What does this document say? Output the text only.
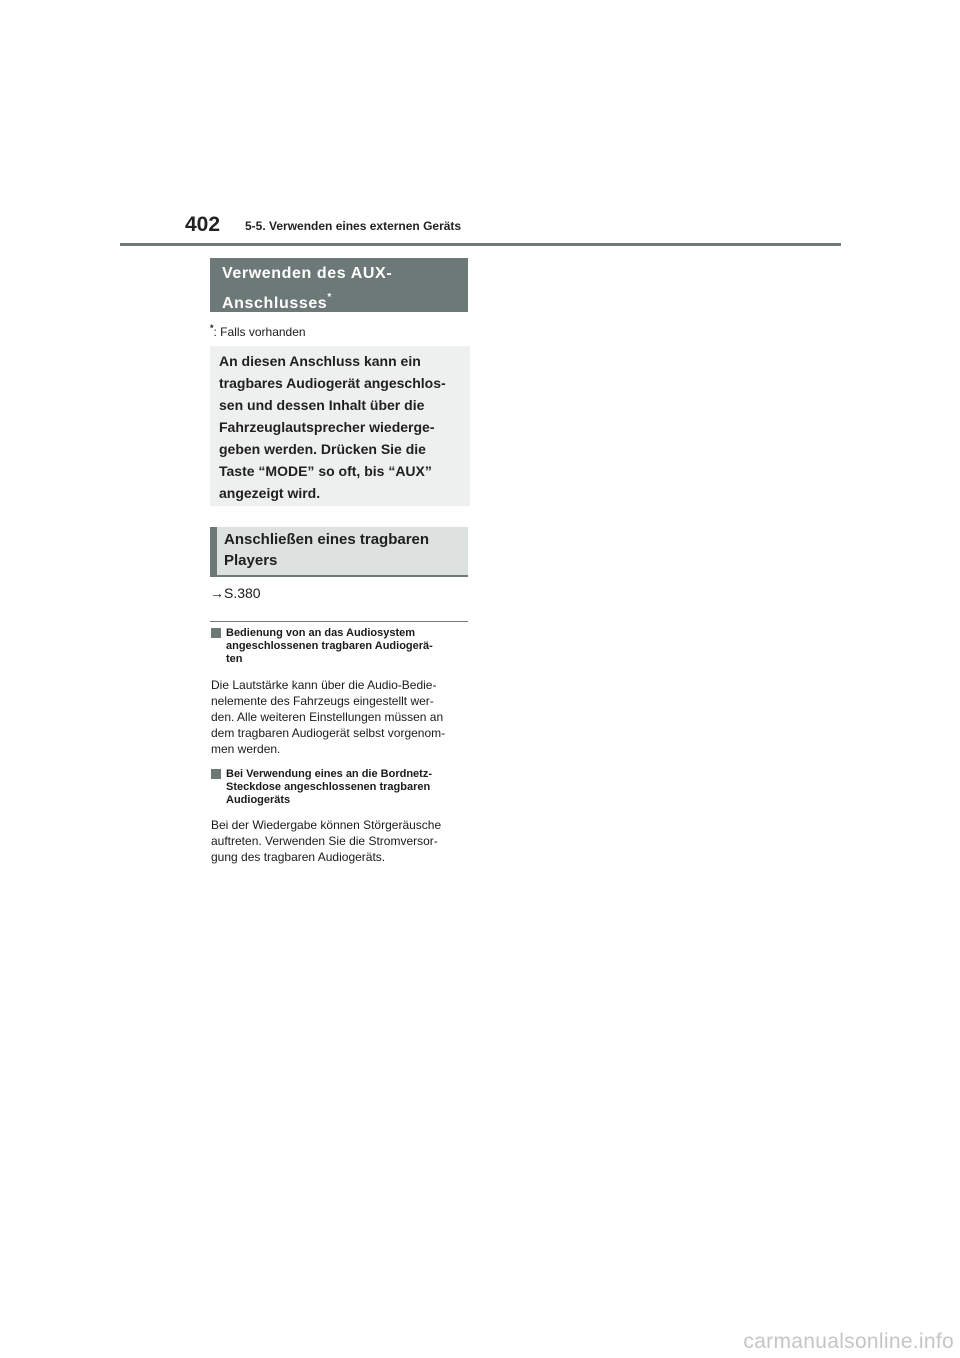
402 5-5. Verwenden eines externen Geräts
Verwenden des AUX-
Anschlusses*
*: Falls vorhanden
An diesen Anschluss kann ein
tragbares Audiogerät angeschlos-
sen und dessen Inhalt über die
Fahrzeuglautsprecher wiederge-
geben werden. Drücken Sie die
Taste “MODE” so oft, bis “AUX”
angezeigt wird.
Anschließen eines tragbaren
Players
→S.380
Bedienung von an das Audiosystem
angeschlossenen tragbaren Audiogerä-
ten
Die Lautstärke kann über die Audio-Bedie-
nelemente des Fahrzeugs eingestellt wer-
den. Alle weiteren Einstellungen müssen an
dem tragbaren Audiogerät selbst vorgenom-
men werden.
Bei Verwendung eines an die Bordnetz-
Steckdose angeschlossenen tragbaren
Audiogeräts
Bei der Wiedergabe können Störgeräusche
auftreten. Verwenden Sie die Stromversor-
gung des tragbaren Audiogeräts.
carmanualsonline.info
